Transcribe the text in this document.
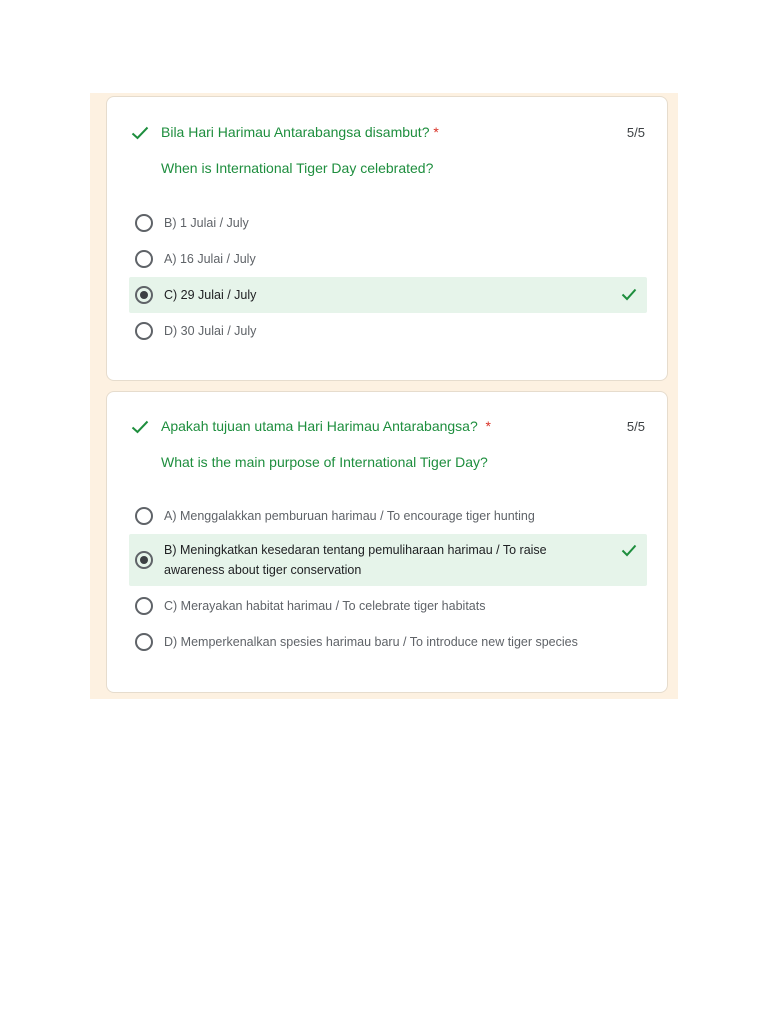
Bila Hari Harimau Antarabangsa disambut? *	5/5
When is International Tiger Day celebrated?
B) 1 Julai / July
A) 16 Julai / July
C) 29 Julai / July
D) 30 Julai / July
Apakah tujuan utama Hari Harimau Antarabangsa? *	5/5
What is the main purpose of International Tiger Day?
A) Menggalakkan pemburuan harimau / To encourage tiger hunting
B) Meningkatkan kesedaran tentang pemuliharaan harimau / To raise awareness about tiger conservation
C) Merayakan habitat harimau / To celebrate tiger habitats
D) Memperkenalkan spesies harimau baru / To introduce new tiger species
